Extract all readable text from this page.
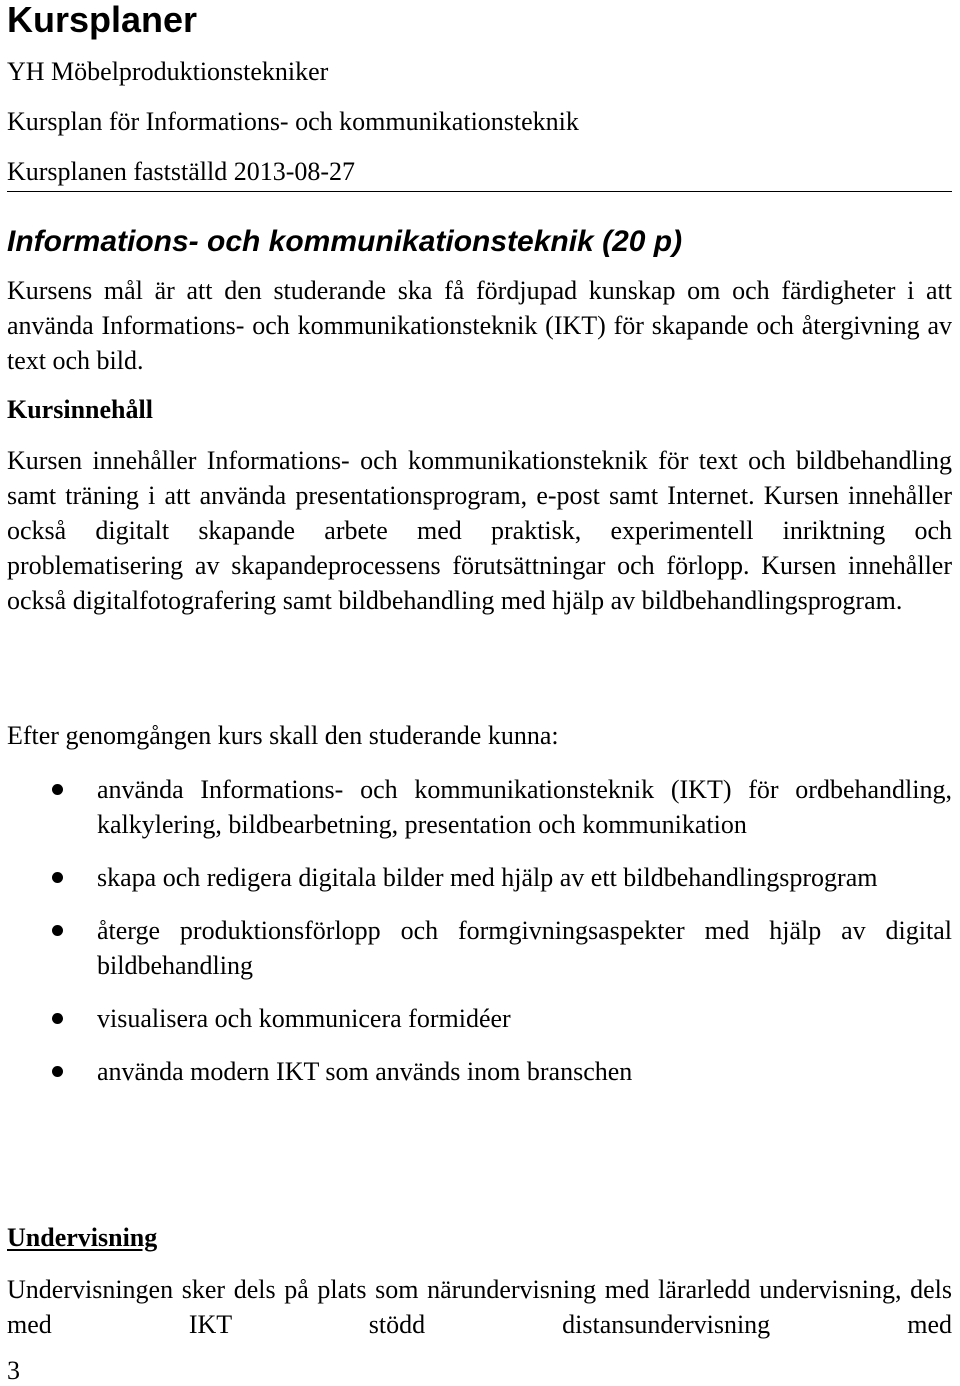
Kursplaner
YH Möbelproduktionstekniker
Kursplan för Informations- och kommunikationsteknik
Kursplanen fastställd 2013-08-27
Informations- och kommunikationsteknik (20 p)

Kursens mål är att den studerande ska få fördjupad kunskap om och färdigheter i att använda Informations- och kommunikationsteknik (IKT) för skapande och återgivning av text och bild.

Kursinnehåll

Kursen innehåller Informations- och kommunikationsteknik för text och bildbehandling samt träning i att använda presentationsprogram, e-post samt Internet. Kursen innehåller också digitalt skapande arbete med praktisk, experimentell inriktning och problematisering av skapandeprocessens förutsättningar och förlopp. Kursen innehåller också digitalfotografering samt bildbehandling med hjälp av bildbehandlingsprogram.

Efter genomgången kurs skall den studerande kunna:

använda Informations- och kommunikationsteknik (IKT) för ordbehandling, kalkylering, bildbearbetning, presentation och kommunikation
skapa och redigera digitala bilder med hjälp av ett bildbehandlingsprogram
återge produktionsförlopp och formgivningsaspekter med hjälp av digital bildbehandling
visualisera och kommunicera formidéer
använda modern IKT som används inom branschen
Undervisning

Undervisningen sker dels på plats som närundervisning med lärarledd undervisning, dels med IKT stödd distansundervisning med

3
